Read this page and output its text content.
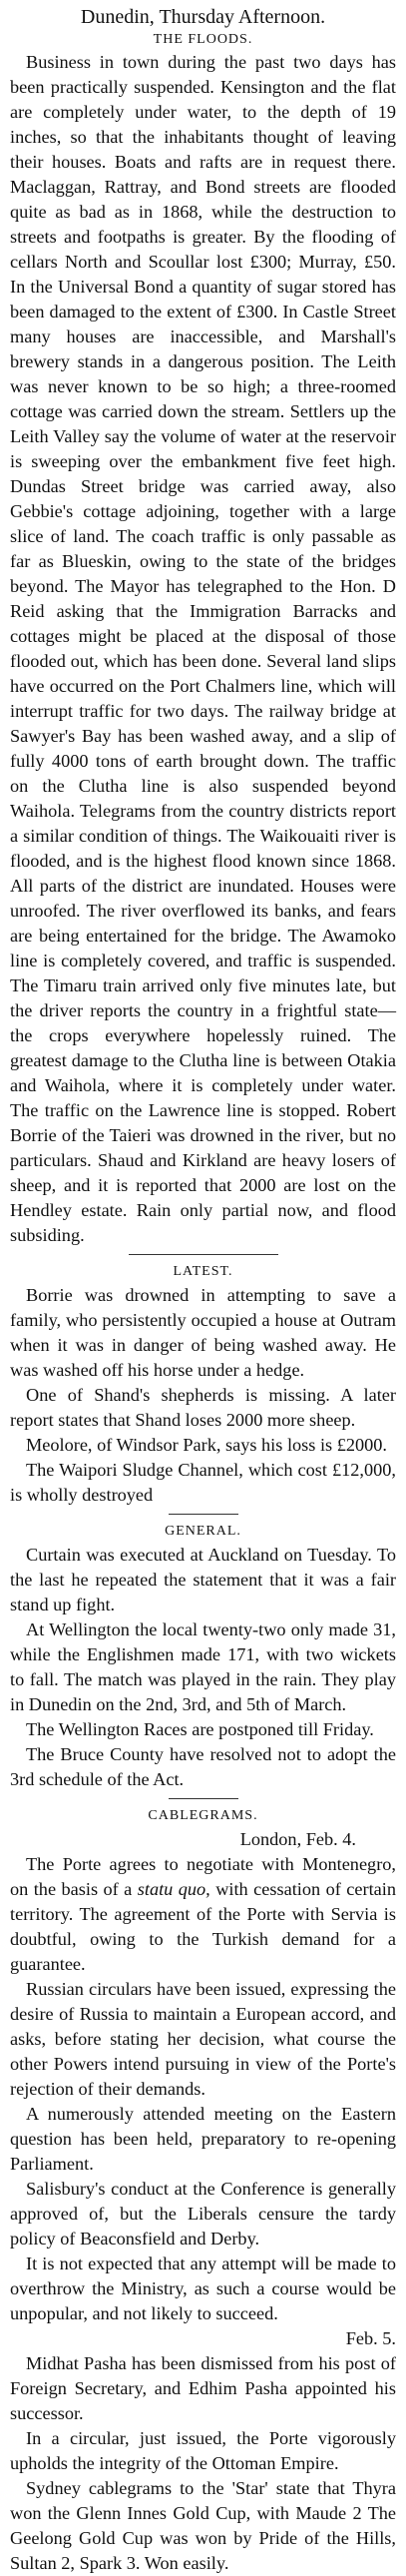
Dunedin, Thursday Afternoon.
THE FLOODS.

Business in town during the past two days has been practically suspended. Kensington and the flat are completely under water, to the depth of 19 inches, so that the inhabitants thought of leaving their houses. Boats and rafts are in request there. Maclaggan, Rattray, and Bond streets are flooded quite as bad as in 1868, while the destruction to streets and footpaths is greater. By the flooding of cellars North and Scoullar lost £300; Murray, £50. In the Universal Bond a quantity of sugar stored has been damaged to the extent of £300. In Castle Street many houses are inaccessible, and Marshall's brewery stands in a dangerous position. The Leith was never known to be so high; a three-roomed cottage was carried down the stream. Settlers up the Leith Valley say the volume of water at the reservoir is sweeping over the embankment five feet high. Dundas Street bridge was carried away, also Gebbie's cottage adjoining, together with a large slice of land. The coach traffic is only passable as far as Blueskin, owing to the state of the bridges beyond. The Mayor has telegraphed to the Hon. D Reid asking that the Immigration Barracks and cottages might be placed at the disposal of those flooded out, which has been done. Several land slips have occurred on the Port Chalmers line, which will interrupt traffic for two days. The railway bridge at Sawyer's Bay has been washed away, and a slip of fully 4000 tons of earth brought down. The traffic on the Clutha line is also suspended beyond Waihola. Telegrams from the country districts report a similar condition of things. The Waikouaiti river is flooded, and is the highest flood known since 1868. All parts of the district are inundated. Houses were unroofed. The river overflowed its banks, and fears are being entertained for the bridge. The Awamoko line is completely covered, and traffic is suspended. The Timaru train arrived only five minutes late, but the driver reports the country in a frightful state—the crops everywhere hopelessly ruined. The greatest damage to the Clutha line is between Otakia and Waihola, where it is completely under water. The traffic on the Lawrence line is stopped. Robert Borrie of the Taieri was drowned in the river, but no particulars. Shaud and Kirkland are heavy losers of sheep, and it is reported that 2000 are lost on the Hendley estate. Rain only partial now, and flood subsiding.

LATEST.

Borrie was drowned in attempting to save a family, who persistently occupied a house at Outram when it was in danger of being washed away. He was washed off his horse under a hedge.

One of Shand's shepherds is missing. A later report states that Shand loses 2000 more sheep.

Meolore, of Windsor Park, says his loss is £2000.

The Waipori Sludge Channel, which cost £12,000, is wholly destroyed

GENERAL.

Curtain was executed at Auckland on Tuesday. To the last he repeated the statement that it was a fair stand up fight.

At Wellington the local twenty-two only made 31, while the Englishmen made 171, with two wickets to fall. The match was played in the rain. They play in Dunedin on the 2nd, 3rd, and 5th of March.

The Wellington Races are postponed till Friday.

The Bruce County have resolved not to adopt the 3rd schedule of the Act.

CABLEGRAMS.

London, Feb. 4.

The Porte agrees to negotiate with Montenegro, on the basis of a statu quo, with cessation of certain territory. The agreement of the Porte with Servia is doubtful, owing to the Turkish demand for a guarantee.

Russian circulars have been issued, expressing the desire of Russia to maintain a European accord, and asks, before stating her decision, what course the other Powers intend pursuing in view of the Porte's rejection of their demands.

A numerously attended meeting on the Eastern question has been held, preparatory to re-opening Parliament.

Salisbury's conduct at the Conference is generally approved of, but the Liberals censure the tardy policy of Beaconsfield and Derby.

It is not expected that any attempt will be made to overthrow the Ministry, as such a course would be unpopular, and not likely to succeed.

Feb. 5.

Midhat Pasha has been dismissed from his post of Foreign Secretary, and Edhim Pasha appointed his successor.

In a circular, just issued, the Porte vigorously upholds the integrity of the Ottoman Empire.

Sydney cablegrams to the 'Star' state that Thyra won the Glenn Innes Gold Cup, with Maude 2 The Geelong Gold Cup was won by Pride of the Hills, Sultan 2, Spark 3. Won easily.
